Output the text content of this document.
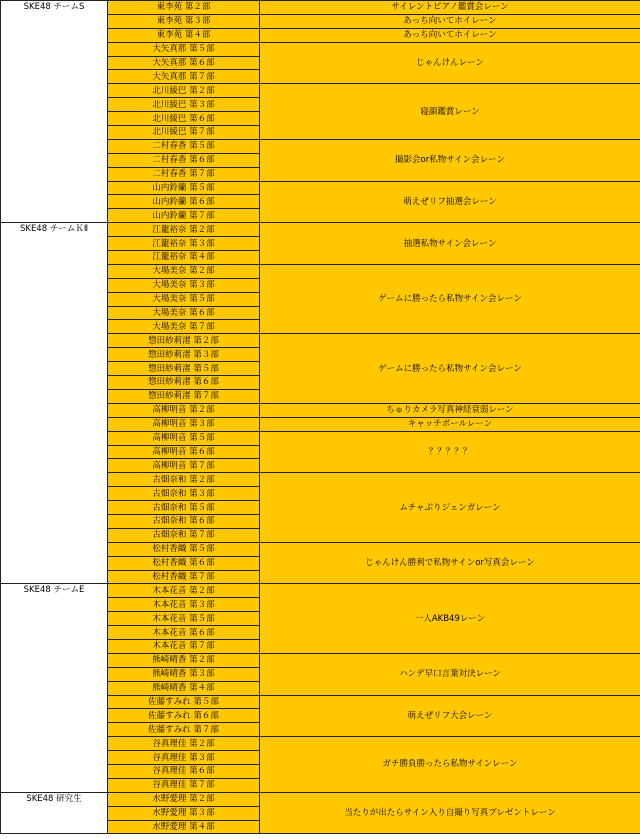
SKE48 チームS	東李苑 第２部	サイレントピアノ鑑賞会レーン
	東李苑 第３部	あっち向いてホイレーン
	東李苑 第４部	あっち向いてホイレーン
	大矢真那 第５部	じゃんけんレーン
	大矢真那 第６部	
	大矢真那 第７部	
	北川綾巴 第２部	寝顔鑑賞レーン
	北川綾巴 第３部	
	北川綾巴 第６部	
	北川綾巴 第７部	
	二村春香 第５部	撮影会or私物サイン会レーン
	二村春香 第６部	
	二村春香 第７部	
	山内鈴蘭 第５部	萌えぜリフ抽選会レーン
	山内鈴蘭 第６部	
	山内鈴蘭 第７部	
SKE48 チームＫⅡ	江籠裕奈 第２部	抽選私物サイン会レーン
	江籠裕奈 第３部	
	江籠裕奈 第４部	
	大場美奈 第２部	ゲームに勝ったら私物サイン会レーン
	大場美奈 第３部	
	大場美奈 第５部	
	大場美奈 第６部	
	大場美奈 第７部	
	惣田紗莉渚 第２部	ゲームに勝ったら私物サイン会レーン
	惣田紗莉渚 第３部	
	惣田紗莉渚 第５部	
	惣田紗莉渚 第６部	
	惣田紗莉渚 第７部	
	高柳明音 第２部	ちゅりカメラ写真神経衰弱レーン
	高柳明音 第３部	キャッチボールレーン
	高柳明音 第５部	？？？？？
	高柳明音 第６部	
	高柳明音 第７部	
	古畑奈和 第２部	ムチャぶりジェンガレーン
	古畑奈和 第３部	
	古畑奈和 第５部	
	古畑奈和 第６部	
	古畑奈和 第７部	
	松村香織 第５部	じゃんけん勝利で私物サインor写真会レーン
	松村香織 第６部	
	松村香織 第７部	
SKE48 チームE	木本花音 第２部	一人AKB49レーン
	木本花音 第３部	
	木本花音 第５部	
	木本花音 第６部	
	木本花音 第７部	
	熊崎晴香 第２部	ハンデ早口言葉対決レーン
	熊崎晴香 第３部	
	熊崎晴香 第４部	
	佐藤すみれ 第５部	萌えぜリフ大会レーン
	佐藤すみれ 第６部	
	佐藤すみれ 第７部	
	谷真理佳 第２部	ガチ勝負勝ったら私物サインレーン
	谷真理佳 第３部	
	谷真理佳 第６部	
	谷真理佳 第７部	
SKE48 研究生	水野愛理 第２部	当たりが出たらサイン入り自撮り写真プレゼントレーン
	水野愛理 第３部	
	水野愛理 第４部	
